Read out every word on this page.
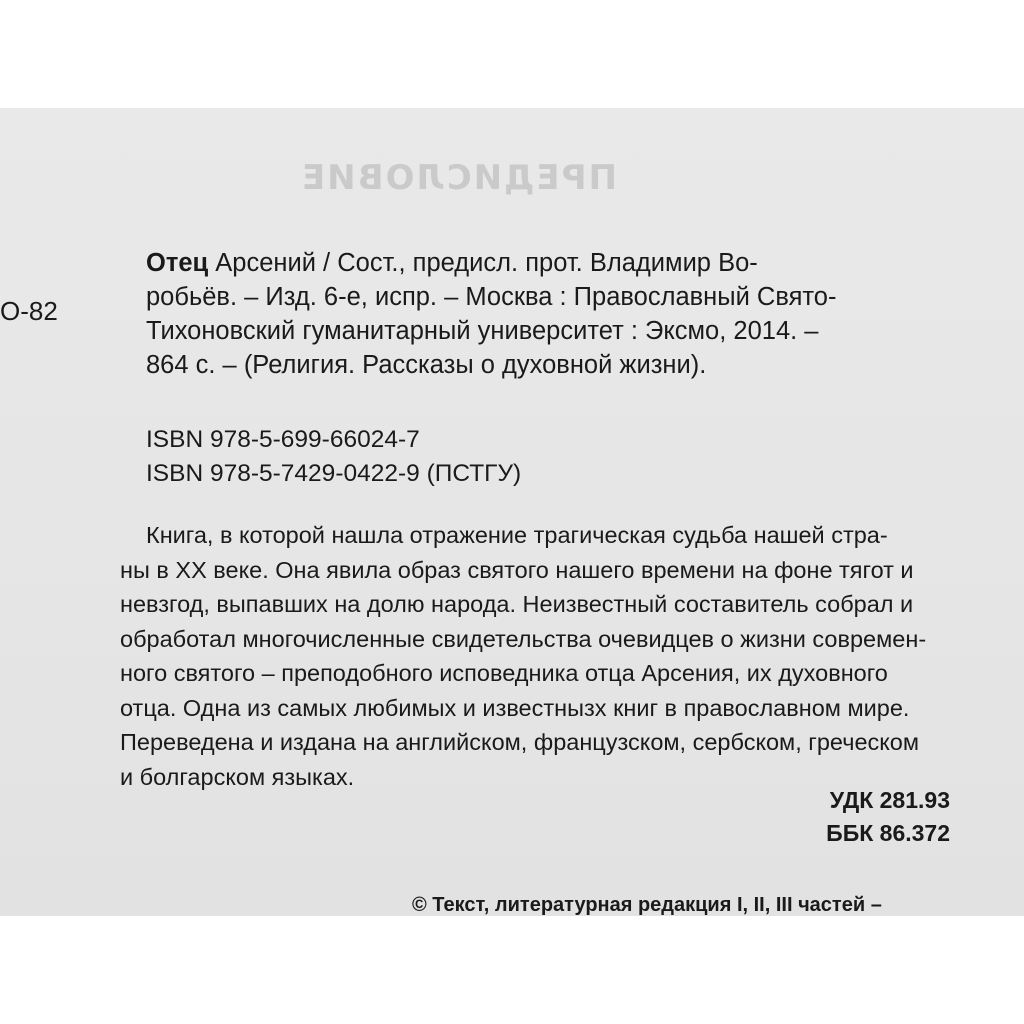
ПРЕДИСЛОВИЕ
О-82
Отец Арсений / Сост., предисл. прот. Владимир Во-
робьёв. – Изд. 6-е, испр. – Москва : Православный Свято-
Тихоновский гуманитарный университет : Эксмо, 2014. –
864 с. – (Религия. Рассказы о духовной жизни).
ISBN 978-5-699-66024-7
ISBN 978-5-7429-0422-9 (ПСТГУ)
Книга, в которой нашла отражение трагическая судьба нашей стра-
ны в XX веке. Она явила образ святого нашего времени на фоне тягот и
невзгод, выпавших на долю народа. Неизвестный составитель собрал и
обработал многочисленные свидетельства очевидцев о жизни современ-
ного святого – преподобного исповедника отца Арсения, их духовного
отца. Одна из самых любимых и известнызх книг в православном мире.
Переведена и издана на английском, французском, сербском, греческом
и болгарском языках.
УДК 281.93
ББК 86.372
© Текст, литературная редакция I, II, III частей –
